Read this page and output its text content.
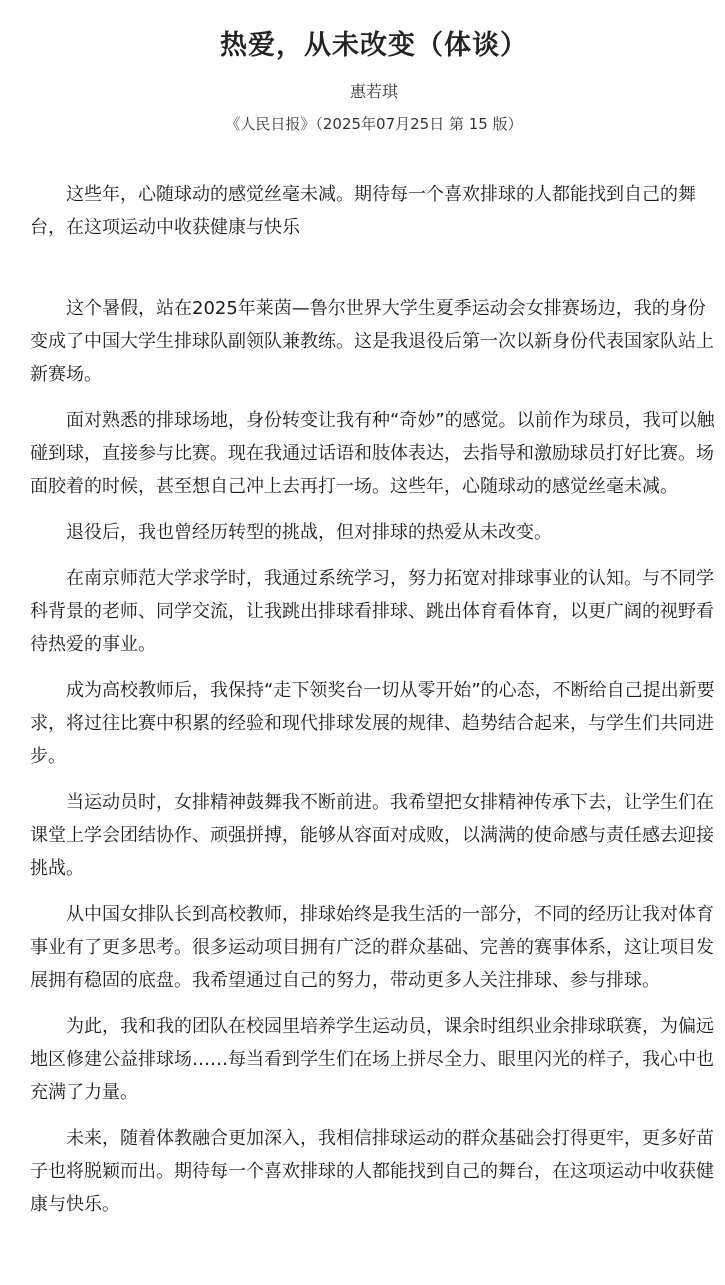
热爱，从未改变（体谈）
惠若琪
《人民日报》（2025年07月25日 第 15 版）
这些年，心随球动的感觉丝毫未减。期待每一个喜欢排球的人都能找到自己的舞台，在这项运动中收获健康与快乐

这个暑假，站在2025年莱茵—鲁尔世界大学生夏季运动会女排赛场边，我的身份变成了中国大学生排球队副领队兼教练。这是我退役后第一次以新身份代表国家队站上新赛场。

面对熟悉的排球场地，身份转变让我有种“奇妙”的感觉。以前作为球员，我可以触碰到球，直接参与比赛。现在我通过话语和肢体表达，去指导和激励球员打好比赛。场面胶着的时候，甚至想自己冲上去再打一场。这些年，心随球动的感觉丝毫未减。

退役后，我也曾经历转型的挑战，但对排球的热爱从未改变。

在南京师范大学求学时，我通过系统学习，努力拓宽对排球事业的认知。与不同学科背景的老师、同学交流，让我跳出排球看排球、跳出体育看体育，以更广阔的视野看待热爱的事业。

成为高校教师后，我保持“走下领奖台一切从零开始”的心态，不断给自己提出新要求，将过往比赛中积累的经验和现代排球发展的规律、趋势结合起来，与学生们共同进步。

当运动员时，女排精神鼓舞我不断前进。我希望把女排精神传承下去，让学生们在课堂上学会团结协作、顽强拼搏，能够从容面对成败，以满满的使命感与责任感去迎接挑战。

从中国女排队长到高校教师，排球始终是我生活的一部分，不同的经历让我对体育事业有了更多思考。很多运动项目拥有广泛的群众基础、完善的赛事体系，这让项目发展拥有稳固的底盘。我希望通过自己的努力，带动更多人关注排球、参与排球。

为此，我和我的团队在校园里培养学生运动员，课余时组织业余排球联赛，为偏远地区修建公益排球场……每当看到学生们在场上拼尽全力、眼里闪光的样子，我心中也充满了力量。

未来，随着体教融合更加深入，我相信排球运动的群众基础会打得更牢，更多好苗子也将脱颖而出。期待每一个喜欢排球的人都能找到自己的舞台，在这项运动中收获健康与快乐。
